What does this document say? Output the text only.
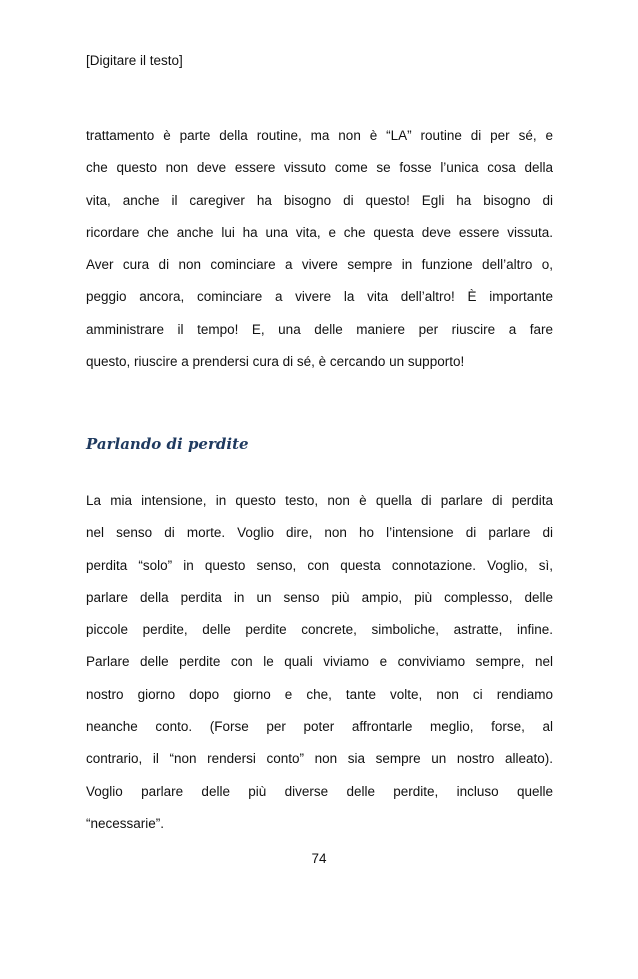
[Digitare il testo]
trattamento è parte della routine, ma non è “LA” routine di per sé, e
che questo non deve essere vissuto come se fosse l’unica cosa della
vita, anche il caregiver ha bisogno di questo! Egli ha bisogno di
ricordare che anche lui ha una vita, e che questa deve essere vissuta.
Aver cura di non cominciare a vivere sempre in funzione dell’altro o,
peggio ancora, cominciare a vivere la vita dell’altro! È importante
amministrare il tempo! E, una delle maniere per riuscire a fare
questo, riuscire a prendersi cura di sé, è cercando un supporto!
Parlando di perdite
La mia intensione, in questo testo, non è quella di parlare di perdita
nel senso di morte. Voglio dire, non ho l’intensione di parlare di
perdita “solo” in questo senso, con questa connotazione. Voglio, sì,
parlare della perdita in un senso più ampio, più complesso, delle
piccole perdite, delle perdite concrete, simboliche, astratte, infine.
Parlare delle perdite con le quali viviamo e conviviamo sempre, nel
nostro giorno dopo giorno e che, tante volte, non ci rendiamo
neanche conto. (Forse per poter affrontarle meglio, forse, al
contrario, il “non rendersi conto” non sia sempre un nostro alleato).
Voglio parlare delle più diverse delle perdite, incluso quelle
“necessarie”.
74
